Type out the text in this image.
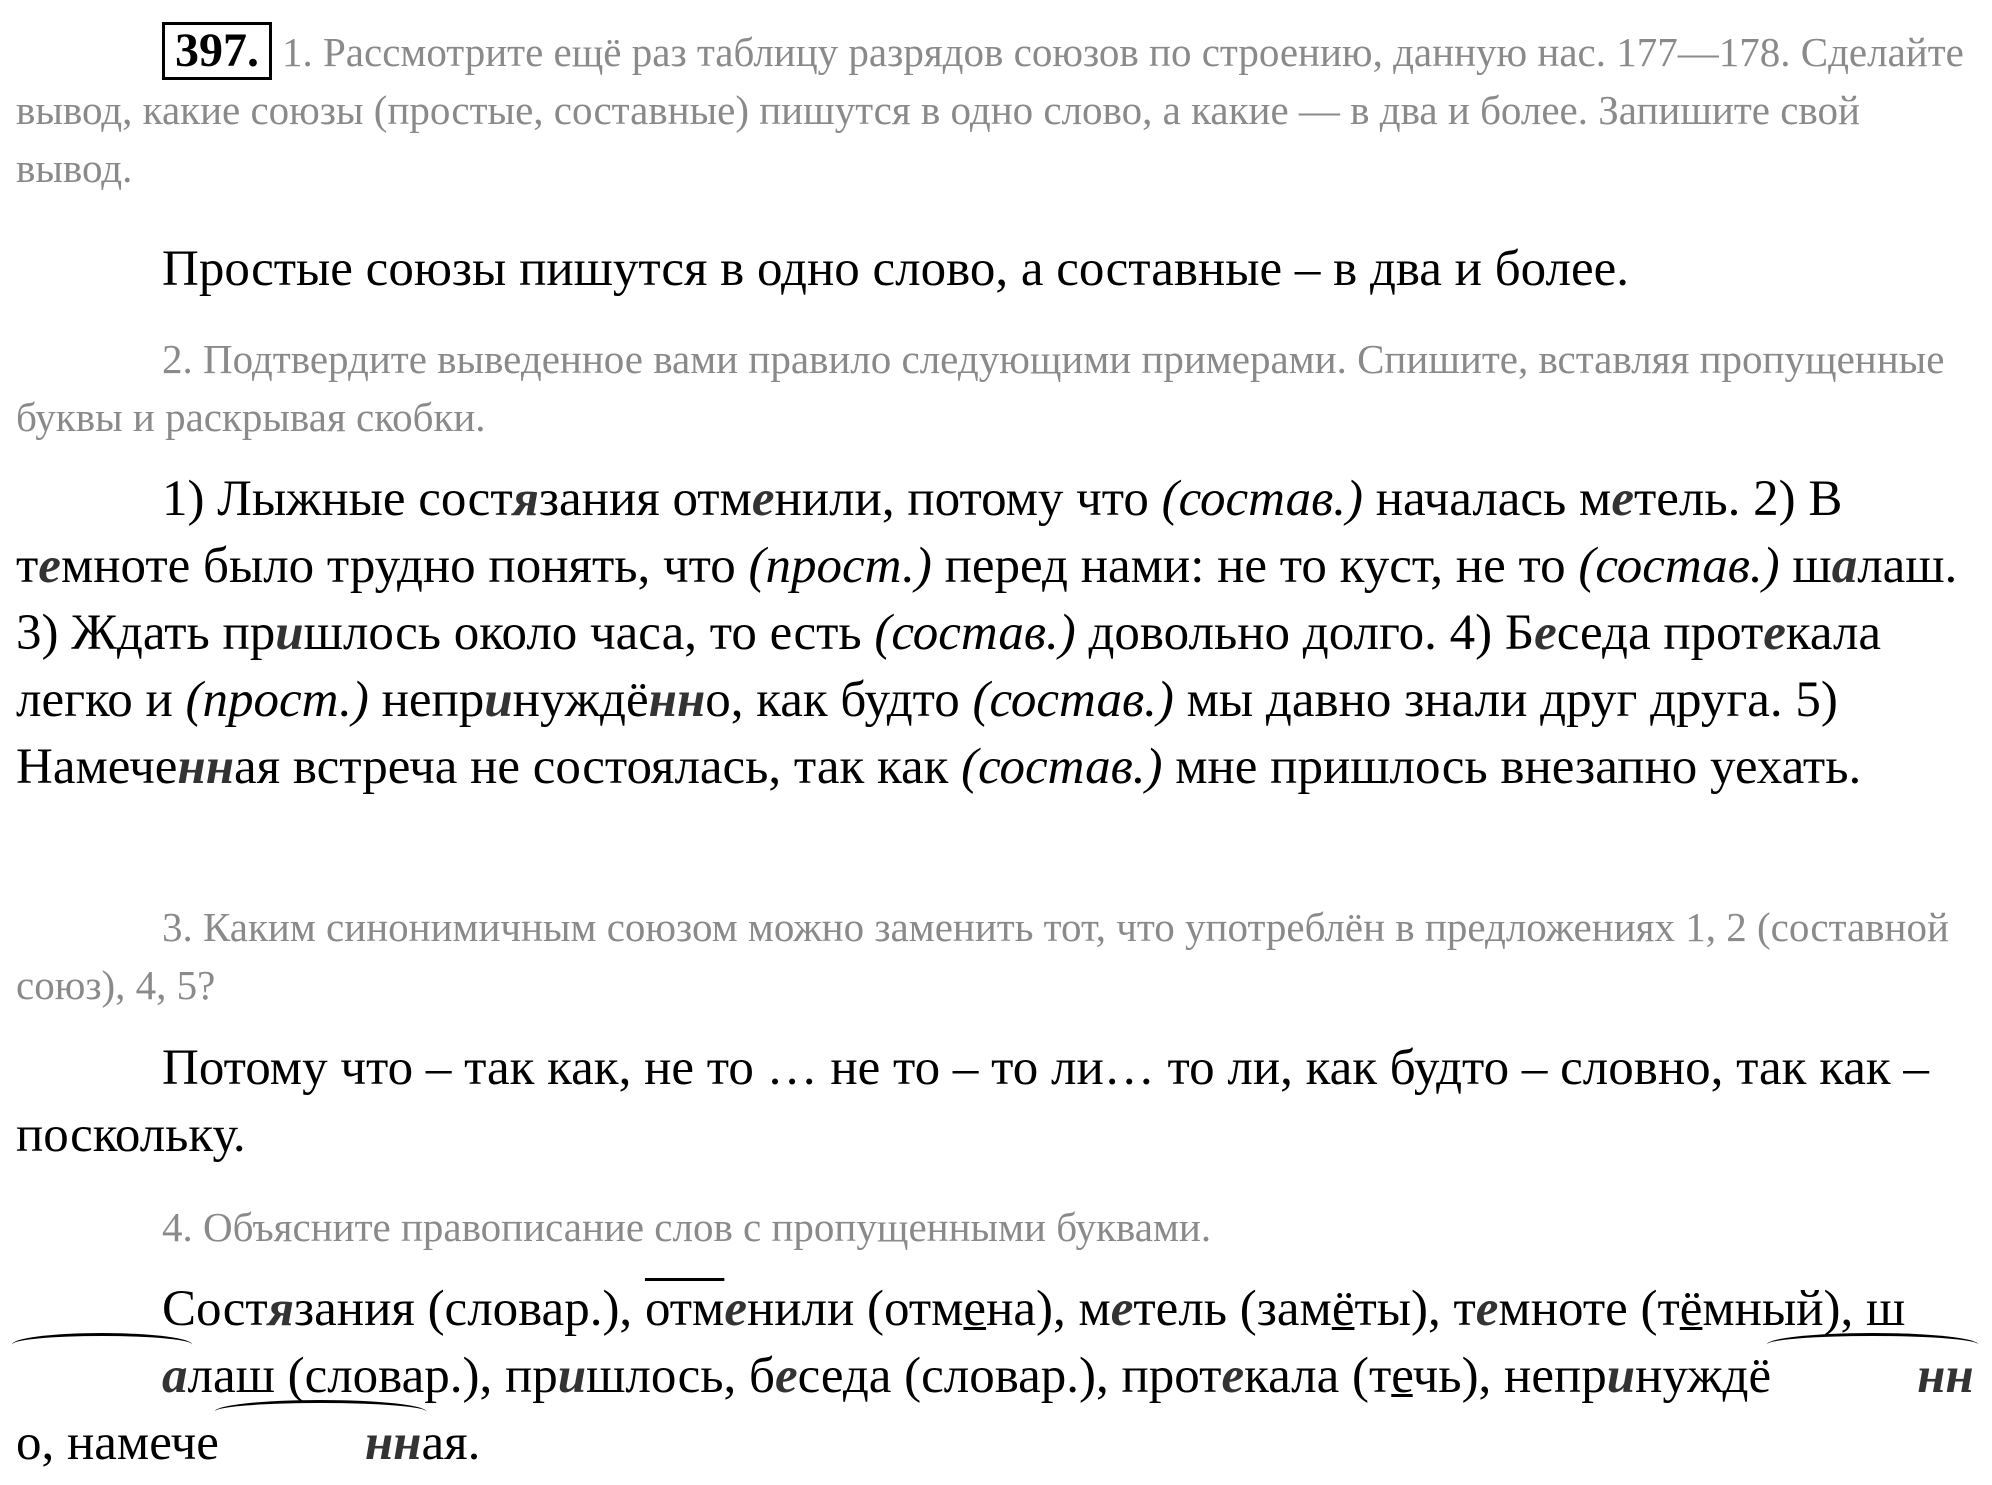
397. 1. Рассмотрите ещё раз таблицу разрядов союзов по строению, данную нас. 177—178. Сделайте вывод, какие союзы (простые, составные) пишутся в одно слово, а какие — в два и более. Запишите свой вывод.

Простые союзы пишутся в одно слово, а составные – в два и более.

2. Подтвердите выведенное вами правило следующими примерами. Спишите, вставляя пропущенные буквы и раскрывая скобки.

1) Лыжные состязания отменили, потому что (состав.) началась метель. 2) В темноте было трудно понять, что (прост.) перед нами: не то куст, не то (состав.) шалаш. 3) Ждать пришлось около часа, то есть (состав.) довольно долго. 4) Беседа протекала легко и (прост.) непринуждённо, как будто (состав.) мы давно знали друг друга. 5) Намеченная встреча не состоялась, так как (состав.) мне пришлось внезапно уехать.

3. Каким синонимичным союзом можно заменить тот, что употреблён в предложениях 1, 2 (составной союз), 4, 5?

Потому что – так как, не то … не то – то ли… то ли, как будто – словно, так как – поскольку.

4. Объясните правописание слов с пропущенными буквами.

Состязания (словар.), отменили (отмена), метель (замёты), темноте (тёмный), шалаш (словар.), пришлось, беседа (словар.), протекала (течь), непринуждё	нно, намече	нная.
